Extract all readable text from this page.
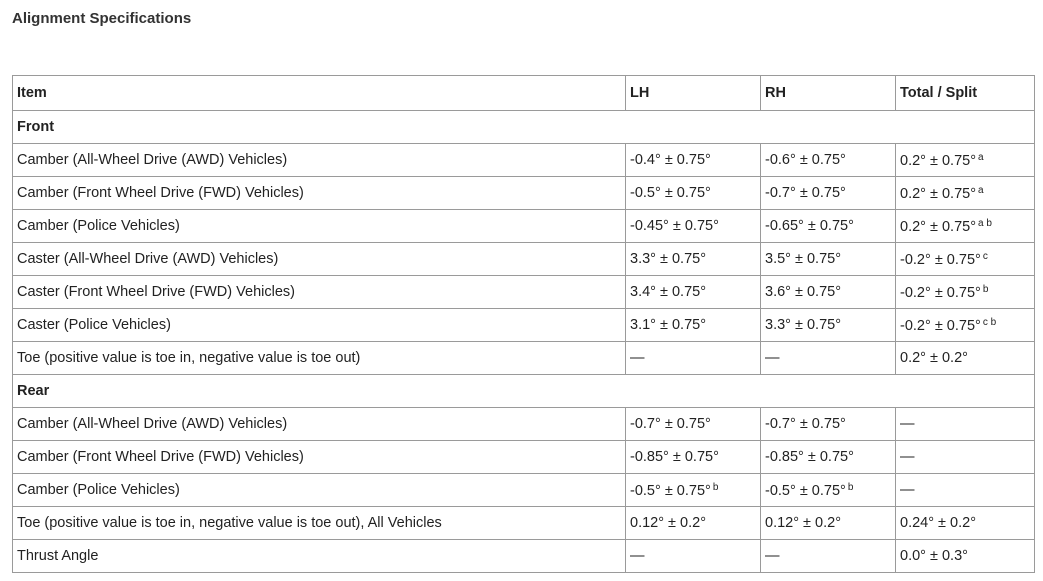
Alignment Specifications
Item	LH	RH	Total / Split
Front			
Camber (All-Wheel Drive (AWD) Vehicles)	-0.4° ± 0.75°	-0.6° ± 0.75°	0.2° ± 0.75° $^a$
Camber (Front Wheel Drive (FWD) Vehicles)	-0.5° ± 0.75°	-0.7° ± 0.75°	0.2° ± 0.75° $^a$
Camber (Police Vehicles)	-0.45° ± 0.75°	-0.65° ± 0.75°	0.2° ± 0.75° $^{a b}$
Caster (All-Wheel Drive (AWD) Vehicles)	3.3° ± 0.75°	3.5° ± 0.75°	-0.2° ± 0.75° $^c$
Caster (Front Wheel Drive (FWD) Vehicles)	3.4° ± 0.75°	3.6° ± 0.75°	-0.2° ± 0.75° $^b$
Caster (Police Vehicles)	3.1° ± 0.75°	3.3° ± 0.75°	-0.2° ± 0.75° $^{c b}$
Toe (positive value is toe in, negative value is toe out)	—	—	0.2° ± 0.2°
Rear			
Camber (All-Wheel Drive (AWD) Vehicles)	-0.7° ± 0.75°	-0.7° ± 0.75°	—
Camber (Front Wheel Drive (FWD) Vehicles)	-0.85° ± 0.75°	-0.85° ± 0.75°	—
Camber (Police Vehicles)	-0.5° ± 0.75° $^b$	-0.5° ± 0.75° $^b$	—
Toe (positive value is toe in, negative value is toe out), All Vehicles	0.12° ± 0.2°	0.12° ± 0.2°	0.24° ± 0.2°
Thrust Angle	—	—	0.0° ± 0.3°
